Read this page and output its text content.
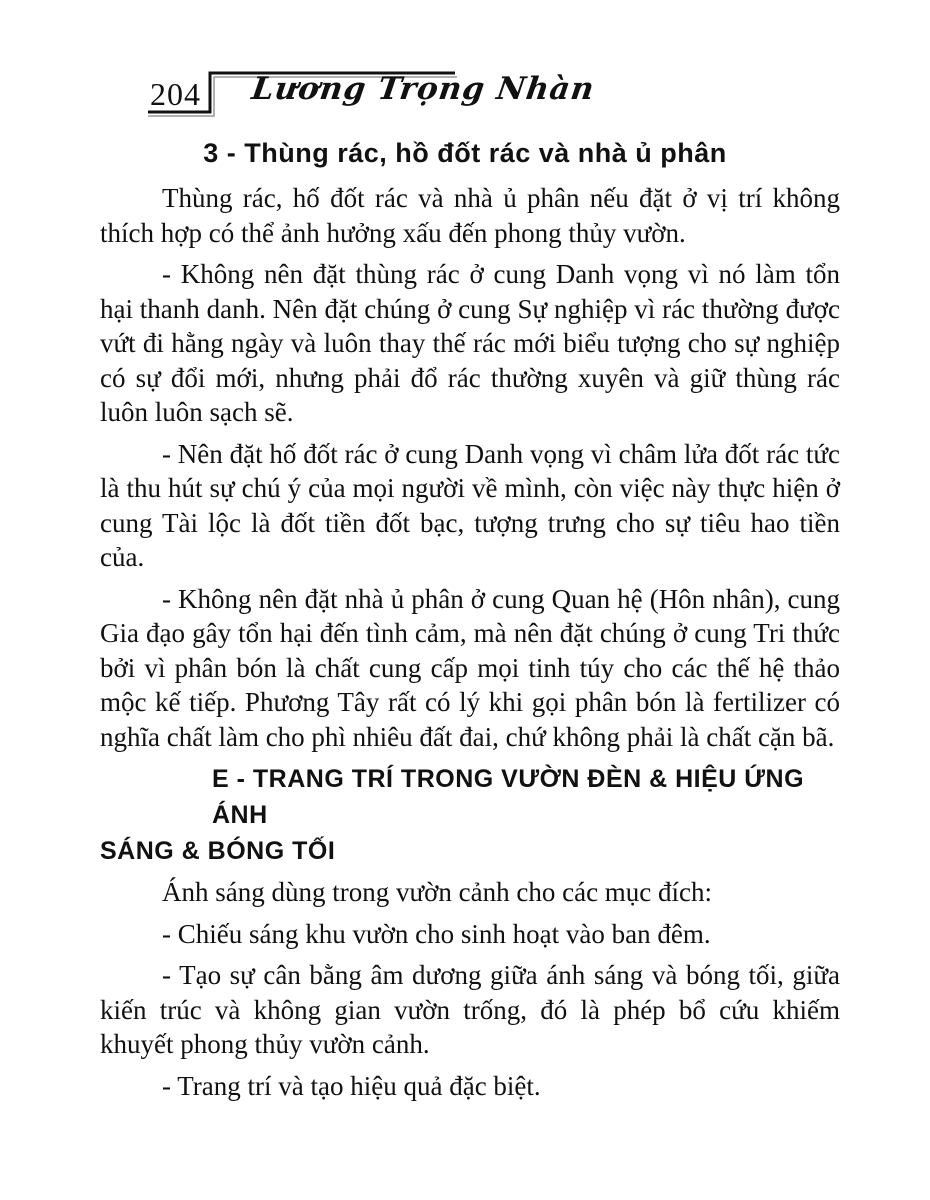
204 Lương Trọng Nhàn
3 - Thùng rác, hồ đốt rác và nhà ủ phân

Thùng rác, hố đốt rác và nhà ủ phân nếu đặt ở vị trí không thích hợp có thể ảnh hưởng xấu đến phong thủy vườn.

- Không nên đặt thùng rác ở cung Danh vọng vì nó làm tổn hại thanh danh. Nên đặt chúng ở cung Sự nghiệp vì rác thường được vứt đi hằng ngày và luôn thay thế rác mới biểu tượng cho sự nghiệp có sự đổi mới, nhưng phải đổ rác thường xuyên và giữ thùng rác luôn luôn sạch sẽ.

- Nên đặt hố đốt rác ở cung Danh vọng vì châm lửa đốt rác tức là thu hút sự chú ý của mọi người về mình, còn việc này thực hiện ở cung Tài lộc là đốt tiền đốt bạc, tượng trưng cho sự tiêu hao tiền của.

- Không nên đặt nhà ủ phân ở cung Quan hệ (Hôn nhân), cung Gia đạo gây tổn hại đến tình cảm, mà nên đặt chúng ở cung Tri thức bởi vì phân bón là chất cung cấp mọi tinh túy cho các thế hệ thảo mộc kế tiếp. Phương Tây rất có lý khi gọi phân bón là fertilizer có nghĩa chất làm cho phì nhiêu đất đai, chứ không phải là chất cặn bã.

E - TRANG TRÍ TRONG VƯỜN ĐÈN & HIỆU ỨNG ÁNH
SÁNG & BÓNG TỐI

Ánh sáng dùng trong vườn cảnh cho các mục đích:

- Chiếu sáng khu vườn cho sinh hoạt vào ban đêm.

- Tạo sự cân bằng âm dương giữa ánh sáng và bóng tối, giữa kiến trúc và không gian vườn trống, đó là phép bổ cứu khiếm khuyết phong thủy vườn cảnh.

- Trang trí và tạo hiệu quả đặc biệt.
